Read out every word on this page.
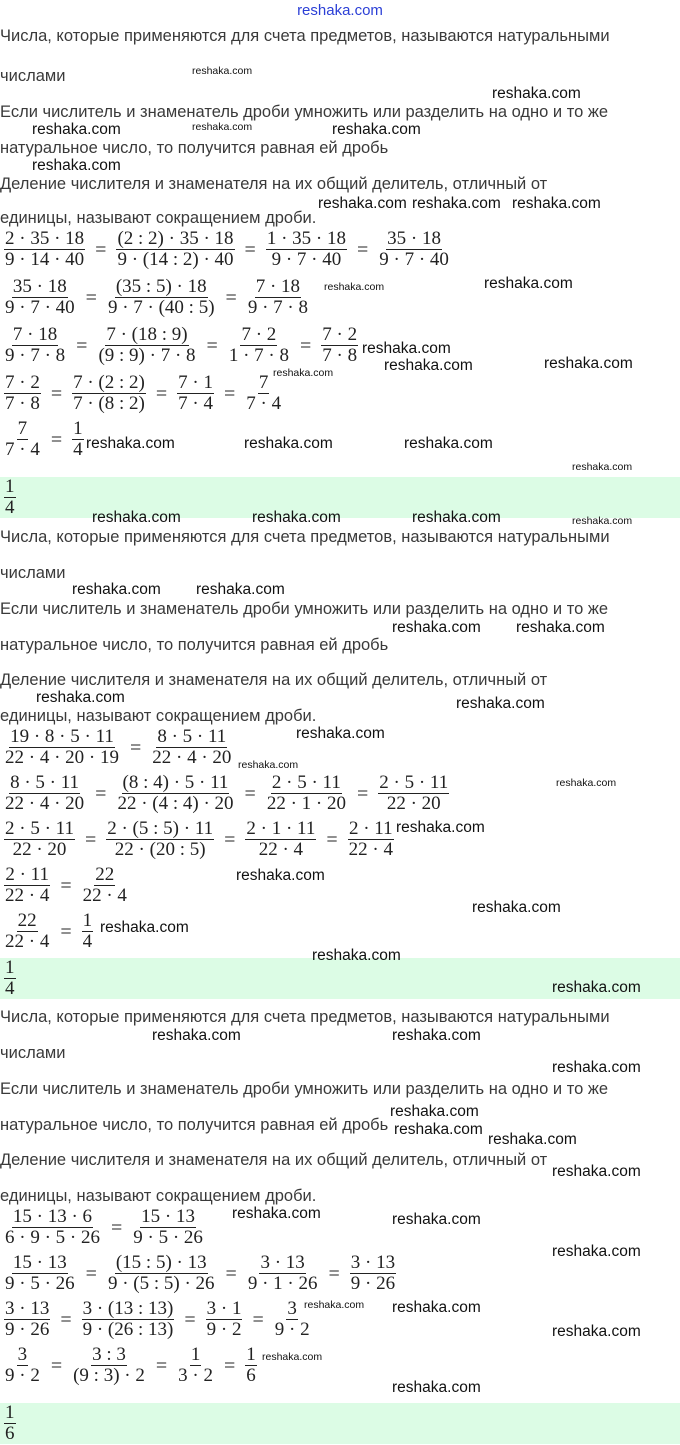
reshaka.com
Числа, которые применяются для счета предметов, называются натуральными
числами
Если числитель и знаменатель дроби умножить или разделить на одно и то же
натуральное число, то получится равная ей дробь
Деление числителя и знаменателя на их общий делитель, отличный от
единицы, называют сокращением дроби.
$\frac{2 \cdot 35 \cdot 18}{9 \cdot 14 \cdot 40} = \frac{(2 : 2) \cdot 35 \cdot 18}{9 \cdot (14 : 2) \cdot 40} = \frac{1 \cdot 35 \cdot 18}{9 \cdot 7 \cdot 40} = \frac{35 \cdot 18}{9 \cdot 7 \cdot 40}$
$\frac{35 \cdot 18}{9 \cdot 7 \cdot 40} = \frac{(35 : 5) \cdot 18}{9 \cdot 7 \cdot (40 : 5)} = \frac{7 \cdot 18}{9 \cdot 7 \cdot 8}$
$\frac{7 \cdot 18}{9 \cdot 7 \cdot 8} = \frac{7 \cdot (18 : 9)}{(9 : 9) \cdot 7 \cdot 8} = \frac{7 \cdot 2}{1 \cdot 7 \cdot 8} = \frac{7 \cdot 2}{7 \cdot 8}$
$\frac{7 \cdot 2}{7 \cdot 8} = \frac{7 \cdot (2 : 2)}{7 \cdot (8 : 2)} = \frac{7 \cdot 1}{7 \cdot 4} = \frac{7}{7 \cdot 4}$
$\frac{7}{7 \cdot 4} = \frac{1}{4}$
$\frac{1}{4}$
Числа, которые применяются для счета предметов, называются натуральными
числами
Если числитель и знаменатель дроби умножить или разделить на одно и то же
натуральное число, то получится равная ей дробь
Деление числителя и знаменателя на их общий делитель, отличный от
единицы, называют сокращением дроби.
$\frac{19 \cdot 8 \cdot 5 \cdot 11}{22 \cdot 4 \cdot 20 \cdot 19} = \frac{8 \cdot 5 \cdot 11}{22 \cdot 4 \cdot 20}$
$\frac{8 \cdot 5 \cdot 11}{22 \cdot 4 \cdot 20} = \frac{(8 : 4) \cdot 5 \cdot 11}{22 \cdot (4 : 4) \cdot 20} = \frac{2 \cdot 5 \cdot 11}{22 \cdot 1 \cdot 20} = \frac{2 \cdot 5 \cdot 11}{22 \cdot 20}$
$\frac{2 \cdot 5 \cdot 11}{22 \cdot 20} = \frac{2 \cdot (5 : 5) \cdot 11}{22 \cdot (20 : 5)} = \frac{2 \cdot 1 \cdot 11}{22 \cdot 4} = \frac{2 \cdot 11}{22 \cdot 4}$
$\frac{2 \cdot 11}{22 \cdot 4} = \frac{22}{22 \cdot 4}$
$\frac{22}{22 \cdot 4} = \frac{1}{4}$
$\frac{1}{4}$
Числа, которые применяются для счета предметов, называются натуральными
числами
Если числитель и знаменатель дроби умножить или разделить на одно и то же
натуральное число, то получится равная ей дробь
Деление числителя и знаменателя на их общий делитель, отличный от
единицы, называют сокращением дроби.
$\frac{15 \cdot 13 \cdot 6}{6 \cdot 9 \cdot 5 \cdot 26} = \frac{15 \cdot 13}{9 \cdot 5 \cdot 26}$
$\frac{15 \cdot 13}{9 \cdot 5 \cdot 26} = \frac{(15 : 5) \cdot 13}{9 \cdot (5 : 5) \cdot 26} = \frac{3 \cdot 13}{9 \cdot 1 \cdot 26} = \frac{3 \cdot 13}{9 \cdot 26}$
$\frac{3 \cdot 13}{9 \cdot 26} = \frac{3 \cdot (13 : 13)}{9 \cdot (26 : 13)} = \frac{3 \cdot 1}{9 \cdot 2} = \frac{3}{9 \cdot 2}$
$\frac{3}{9 \cdot 2} = \frac{3 : 3}{(9 : 3) \cdot 2} = \frac{1}{3 \cdot 2} = \frac{1}{6}$
$\frac{1}{6}$
reshaka.com
reshaka.com
reshaka.com	reshaka.com	reshaka.com
reshaka.com
reshaka.com reshaka.com reshaka.com
reshaka.com	reshaka.com
reshaka.com
reshaka.com	reshaka.com	reshaka.com
reshaka.com	reshaka.com	reshaka.com
reshaka.com
reshaka.com	reshaka.com	reshaka.com	reshaka.com
reshaka.com reshaka.com
reshaka.com reshaka.com
reshaka.com	reshaka.com
reshaka.com
reshaka.com
reshaka.com
reshaka.com
reshaka.com
reshaka.com
reshaka.com
reshaka.com
reshaka.com
reshaka.com	reshaka.com
reshaka.com
reshaka.com
reshaka.com
reshaka.com
reshaka.com
reshaka.com	reshaka.com
reshaka.com
reshaka.com
reshaka.com
reshaka.com
reshaka.com
reshaka.com
